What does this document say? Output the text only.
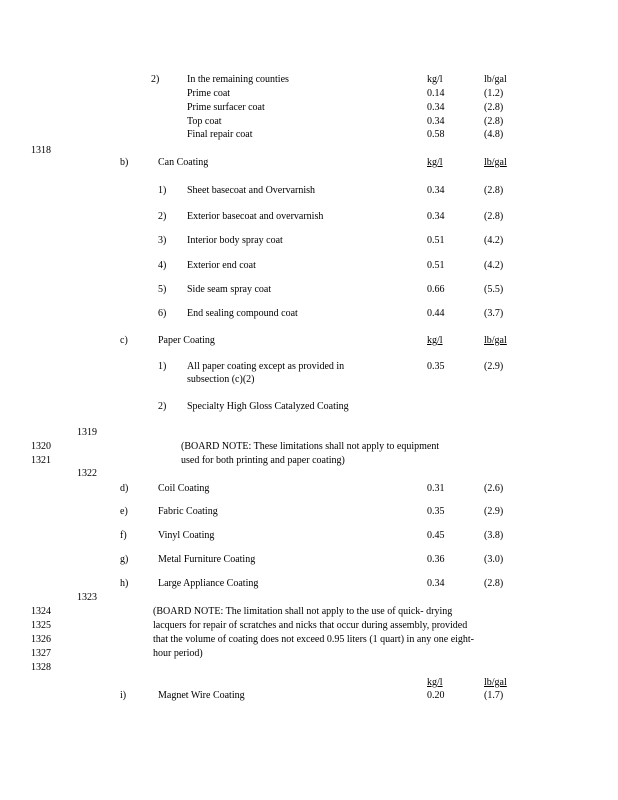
2)	In the remaining counties	kg/l	lb/gal
Prime coat	0.14	(1.2)
Prime surfacer coat	0.34	(2.8)
Top coat	0.34	(2.8)
Final repair coat	0.58	(4.8)
1318
b)	Can Coating	kg/l	lb/gal
1) Sheet basecoat and Overvarnish	0.34	(2.8)
2) Exterior basecoat and overvarnish	0.34	(2.8)
3) Interior body spray coat	0.51	(4.2)
4) Exterior end coat	0.51	(4.2)
5) Side seam spray coat	0.66	(5.5)
6) End sealing compound coat	0.44	(3.7)
c)	Paper Coating	kg/l	lb/gal
1) All paper coating except as provided in
subsection (c)(2)
0.35	(2.9)
2) Specialty High Gloss Catalyzed Coating
1319
1320
1321
(BOARD NOTE: These limitations shall not apply to equipment
used for both printing and paper coating)
1322
d)	Coil Coating	0.31	(2.6)
e)	Fabric Coating	0.35	(2.9)
f)	Vinyl Coating	0.45	(3.8)
g)	Metal Furniture Coating	0.36	(3.0)
h)	Large Appliance Coating	0.34	(2.8)
1323
1324
1325
1326
1327
1328
(BOARD NOTE: The limitation shall not apply to the use of quick- drying
lacquers for repair of scratches and nicks that occur during assembly, provided
that the volume of coating does not exceed 0.95 liters (1 quart) in any one eight-
hour period)
kg/l	lb/gal
i)	Magnet Wire Coating	0.20	(1.7)
